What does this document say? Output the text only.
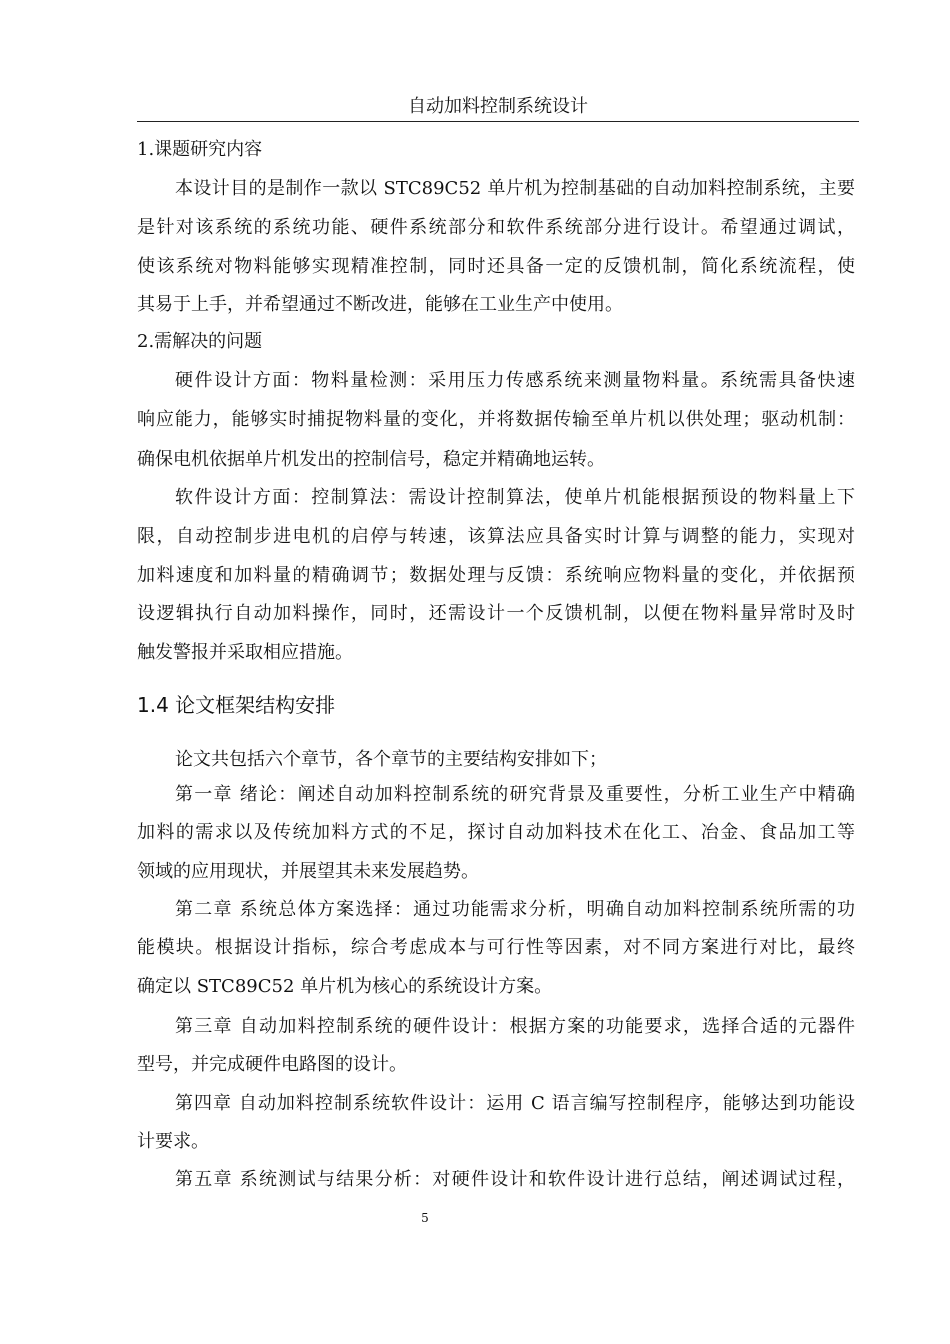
自动加料控制系统设计
1.课题研究内容
本设计目的是制作一款以 STC89C52 单片机为控制基础的自动加料控制系统，主要
是针对该系统的系统功能、硬件系统部分和软件系统部分进行设计。希望通过调试，
使该系统对物料能够实现精准控制，同时还具备一定的反馈机制，简化系统流程，使
其易于上手，并希望通过不断改进，能够在工业生产中使用。
2.需解决的问题
硬件设计方面：物料量检测：采用压力传感系统来测量物料量。系统需具备快速
响应能力，能够实时捕捉物料量的变化，并将数据传输至单片机以供处理；驱动机制：
确保电机依据单片机发出的控制信号，稳定并精确地运转。
软件设计方面：控制算法：需设计控制算法，使单片机能根据预设的物料量上下
限，自动控制步进电机的启停与转速，该算法应具备实时计算与调整的能力，实现对
加料速度和加料量的精确调节；数据处理与反馈：系统响应物料量的变化，并依据预
设逻辑执行自动加料操作，同时，还需设计一个反馈机制，以便在物料量异常时及时
触发警报并采取相应措施。
1.4 论文框架结构安排
论文共包括六个章节，各个章节的主要结构安排如下；
第一章 绪论：阐述自动加料控制系统的研究背景及重要性，分析工业生产中精确
加料的需求以及传统加料方式的不足，探讨自动加料技术在化工、冶金、食品加工等
领域的应用现状，并展望其未来发展趋势。
第二章 系统总体方案选择：通过功能需求分析，明确自动加料控制系统所需的功
能模块。根据设计指标，综合考虑成本与可行性等因素，对不同方案进行对比，最终
确定以 STC89C52 单片机为核心的系统设计方案。
第三章 自动加料控制系统的硬件设计：根据方案的功能要求，选择合适的元器件
型号，并完成硬件电路图的设计。
第四章 自动加料控制系统软件设计：运用 C 语言编写控制程序，能够达到功能设
计要求。
第五章 系统测试与结果分析：对硬件设计和软件设计进行总结，阐述调试过程，
5
